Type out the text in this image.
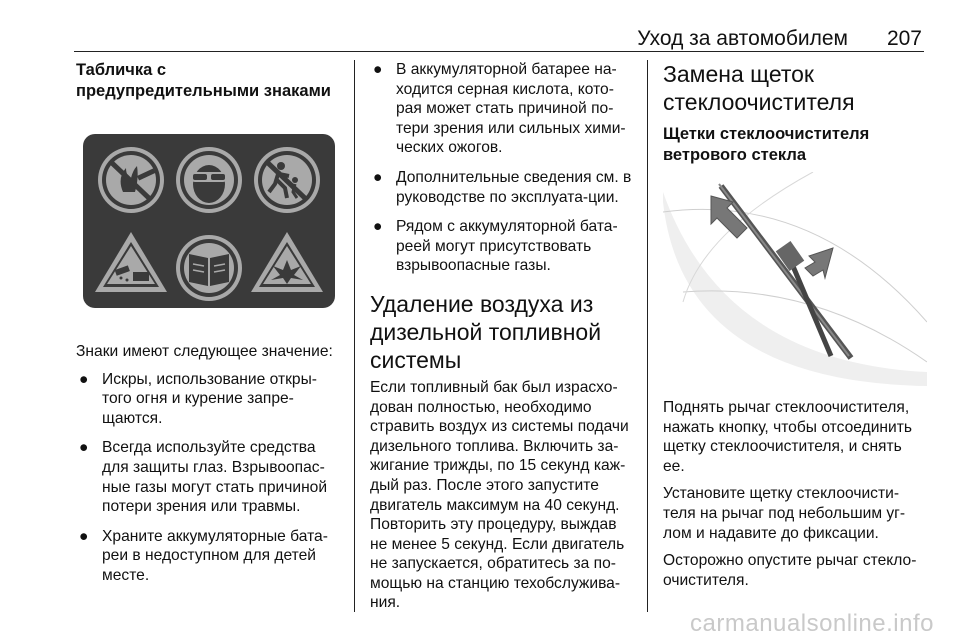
Уход за автомобилем 207
Табличка с
предупредительными знаками

Знаки имеют следующее значение:

● Искры, использование откры-того огня и курение запре-щаются.
● Всегда используйте средства для защиты глаз. Взрывоопас-ные газы могут стать причиной потери зрения или травмы.
● Храните аккумуляторные бата-реи в недоступном для детей месте.
● В аккумуляторной батарее на-ходится серная кислота, кото-рая может стать причиной по-тери зрения или сильных хими-ческих ожогов.
● Дополнительные сведения см. в руководстве по эксплуата-ции.
● Рядом с аккумуляторной бата-реей могут присутствовать взрывоопасные газы.
Удаление воздуха из дизельной топливной системы

Если топливный бак был израсхо-дован полностью, необходимо стравить воздух из системы подачи дизельного топлива. Включить за-жигание трижды, по 15 секунд каж-дый раз. После этого запустите двигатель максимум на 40 секунд. Повторить эту процедуру, выждав не менее 5 секунд. Если двигатель не запускается, обратитесь за по-мощью на станцию техобслужива-ния.

Замена щеток стеклоочистителя
Щетки стеклоочистителя ветрового стекла

Поднять рычаг стеклоочистителя, нажать кнопку, чтобы отсоединить щетку стеклоочистителя, и снять ее.

Установите щетку стеклоочисти-теля на рычаг под небольшим уг-лом и надавите до фиксации.

Осторожно опустите рычаг стекло-очистителя.

carmanualsonline.info
